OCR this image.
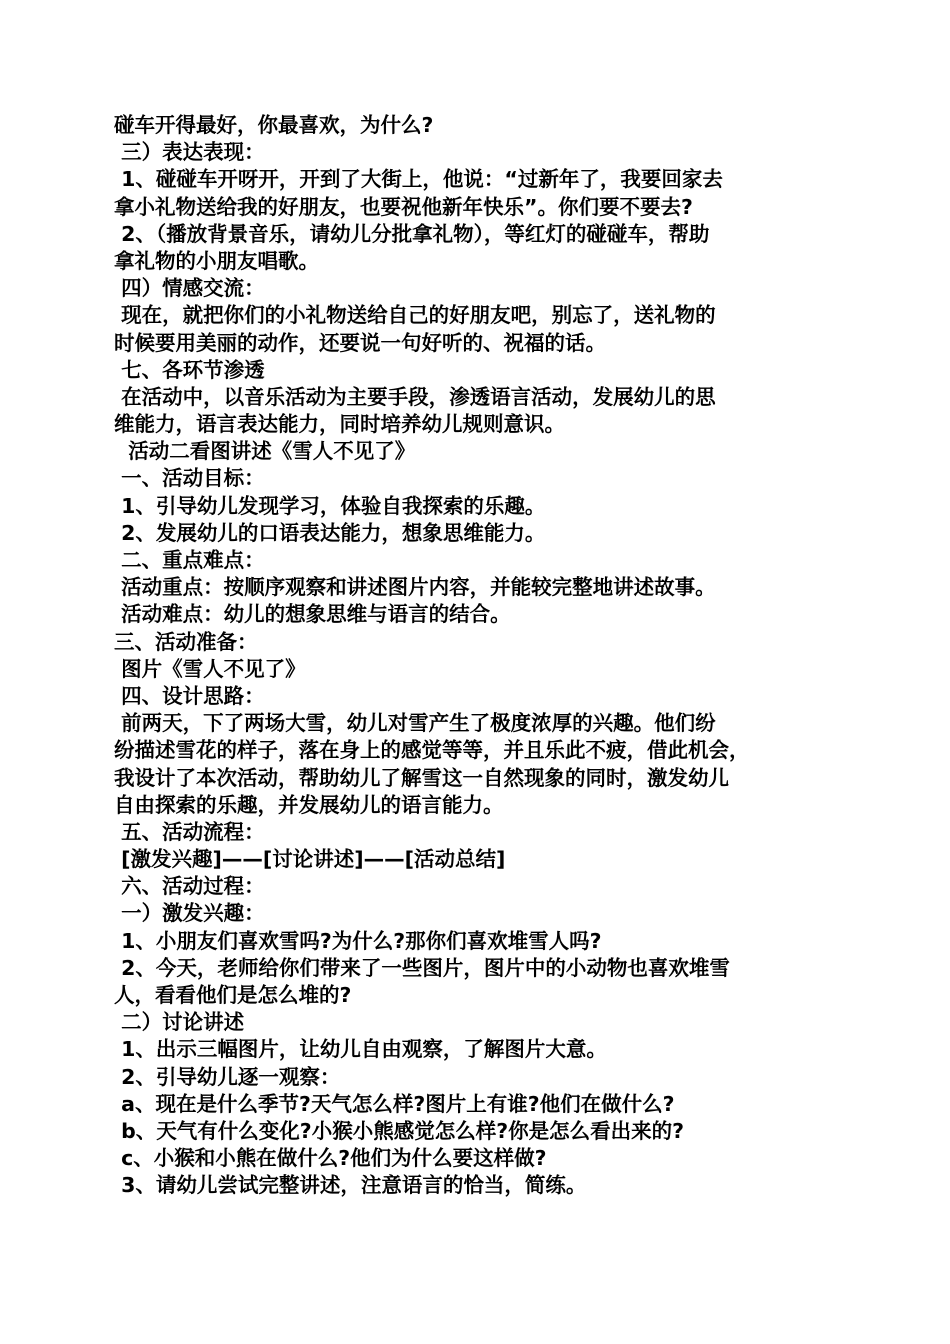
碰车开得最好，你最喜欢，为什么?
三）表达表现：
1、碰碰车开呀开，开到了大街上，他说：“过新年了，我要回家去
拿小礼物送给我的好朋友，也要祝他新年快乐”。你们要不要去?
2、（播放背景音乐，请幼儿分批拿礼物），等红灯的碰碰车，帮助
拿礼物的小朋友唱歌。
四）情感交流：
现在，就把你们的小礼物送给自己的好朋友吧，别忘了，送礼物的
时候要用美丽的动作，还要说一句好听的、祝福的话。
七、各环节渗透
在活动中，以音乐活动为主要手段，渗透语言活动，发展幼儿的思
维能力，语言表达能力，同时培养幼儿规则意识。
活动二看图讲述《雪人不见了》
一、活动目标：
1、引导幼儿发现学习，体验自我探索的乐趣。
2、发展幼儿的口语表达能力，想象思维能力。
二、重点难点：
活动重点：按顺序观察和讲述图片内容，并能较完整地讲述故事。
活动难点：幼儿的想象思维与语言的结合。
三、活动准备：
图片《雪人不见了》
四、设计思路：
前两天，下了两场大雪，幼儿对雪产生了极度浓厚的兴趣。他们纷
纷描述雪花的样子，落在身上的感觉等等，并且乐此不疲，借此机会，
我设计了本次活动，帮助幼儿了解雪这一自然现象的同时，激发幼儿
自由探索的乐趣，并发展幼儿的语言能力。
五、活动流程：
[激发兴趣]——[讨论讲述]——[活动总结]
六、活动过程：
一）激发兴趣：
1、小朋友们喜欢雪吗?为什么?那你们喜欢堆雪人吗?
2、今天，老师给你们带来了一些图片，图片中的小动物也喜欢堆雪
人，看看他们是怎么堆的?
二）讨论讲述
1、出示三幅图片，让幼儿自由观察，了解图片大意。
2、引导幼儿逐一观察：
a、现在是什么季节?天气怎么样?图片上有谁?他们在做什么?
b、天气有什么变化?小猴小熊感觉怎么样?你是怎么看出来的?
c、小猴和小熊在做什么?他们为什么要这样做?
3、请幼儿尝试完整讲述，注意语言的恰当，简练。
